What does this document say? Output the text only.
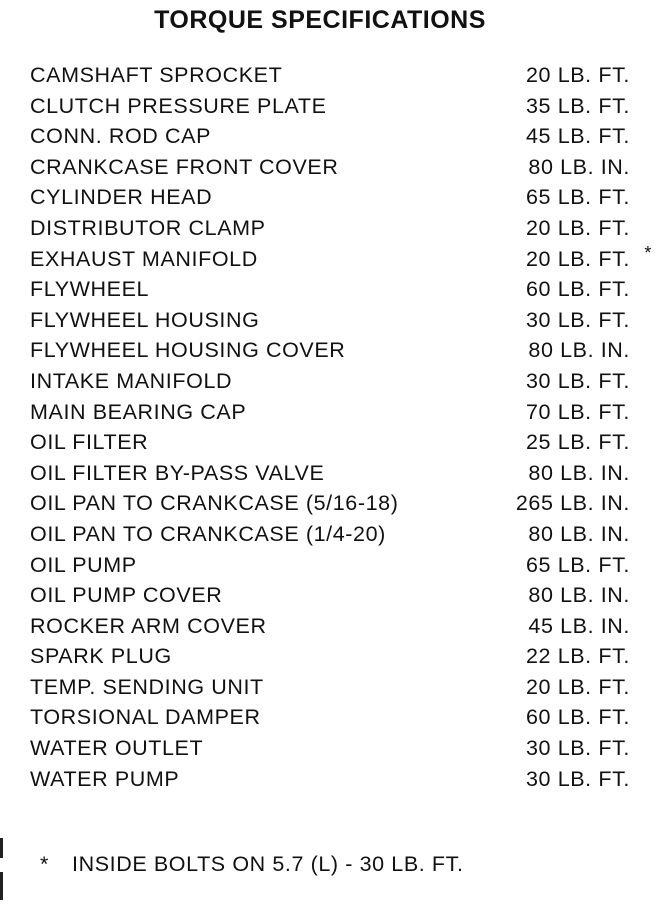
TORQUE SPECIFICATIONS
CAMSHAFT SPROCKET	20 LB. FT.
CLUTCH PRESSURE PLATE	35 LB. FT.
CONN. ROD CAP	45 LB. FT.
CRANKCASE FRONT COVER	80 LB. IN.
CYLINDER HEAD	65 LB. FT.
DISTRIBUTOR CLAMP	20 LB. FT.
EXHAUST MANIFOLD	20 LB. FT. *
FLYWHEEL	60 LB. FT.
FLYWHEEL HOUSING	30 LB. FT.
FLYWHEEL HOUSING COVER	80 LB. IN.
INTAKE MANIFOLD	30 LB. FT.
MAIN BEARING CAP	70 LB. FT.
OIL FILTER	25 LB. FT.
OIL FILTER BY-PASS VALVE	80 LB. IN.
OIL PAN TO CRANKCASE (5/16-18)	265 LB. IN.
OIL PAN TO CRANKCASE (1/4-20)	80 LB. IN.
OIL PUMP	65 LB. FT.
OIL PUMP COVER	80 LB. IN.
ROCKER ARM COVER	45 LB. IN.
SPARK PLUG	22 LB. FT.
TEMP. SENDING UNIT	20 LB. FT.
TORSIONAL DAMPER	60 LB. FT.
WATER OUTLET	30 LB. FT.
WATER PUMP	30 LB. FT.
* INSIDE BOLTS ON 5.7 (L) - 30 LB. FT.
